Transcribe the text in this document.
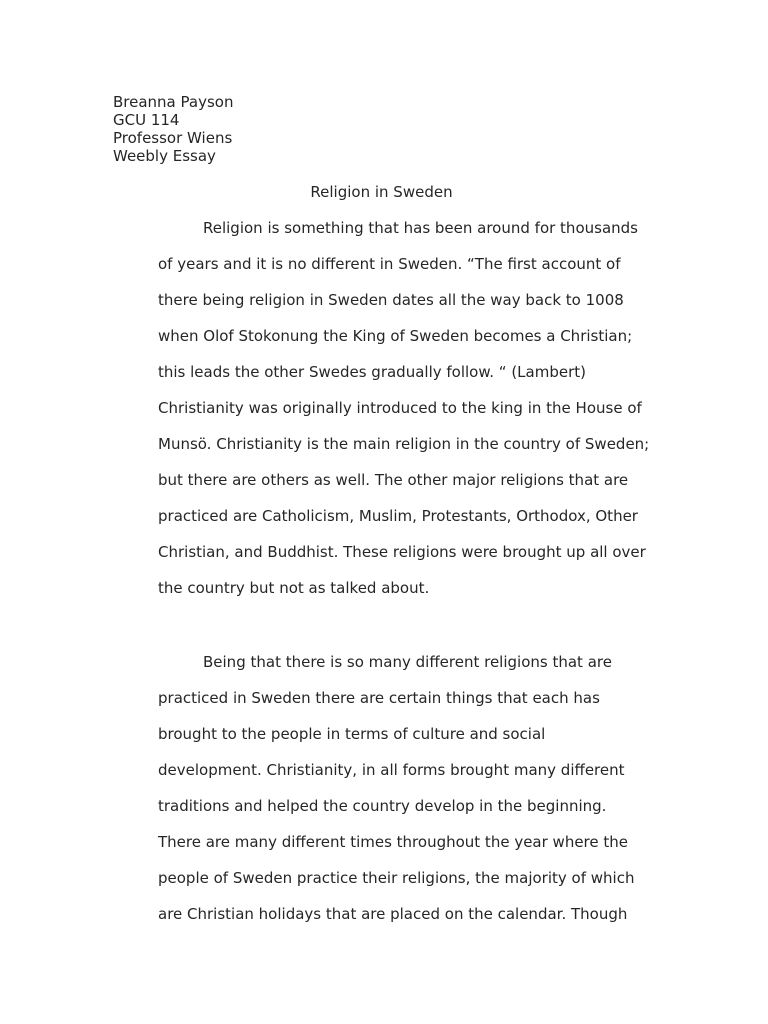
Breanna Payson
GCU 114
Professor Wiens
Weebly Essay
Religion in Sweden
Religion is something that has been around for thousands
of years and it is no different in Sweden. “The first account of
there being religion in Sweden dates all the way back to 1008
when Olof Stokonung the King of Sweden becomes a Christian;
this leads the other Swedes gradually follow. “ (Lambert)
Christianity was originally introduced to the king in the House of
Munsö. Christianity is the main religion in the country of Sweden;
but there are others as well. The other major religions that are
practiced are Catholicism, Muslim, Protestants, Orthodox, Other
Christian, and Buddhist. These religions were brought up all over
the country but not as talked about.
Being that there is so many different religions that are
practiced in Sweden there are certain things that each has
brought to the people in terms of culture and social
development. Christianity, in all forms brought many different
traditions and helped the country develop in the beginning.
There are many different times throughout the year where the
people of Sweden practice their religions, the majority of which
are Christian holidays that are placed on the calendar. Though
